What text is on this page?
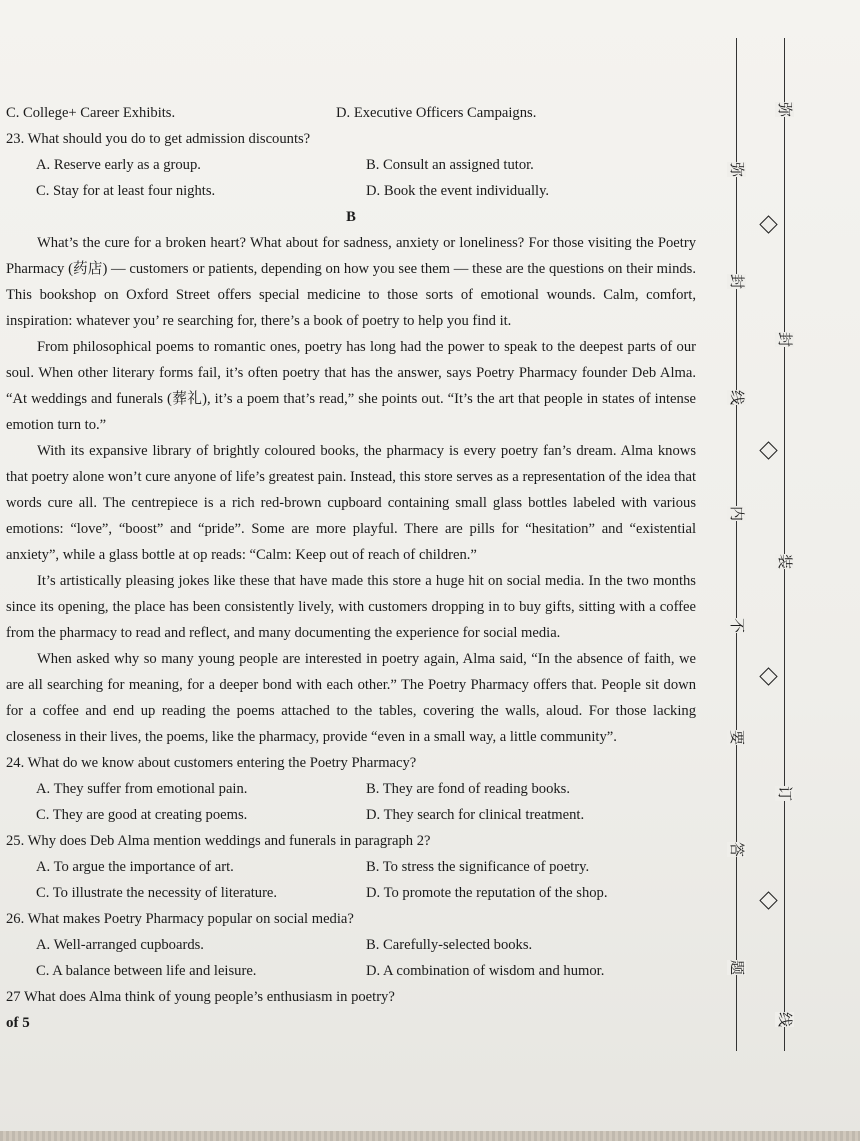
C. College+ Career Exhibits.	D. Executive Officers Campaigns.

23. What should you do to get admission discounts?

A. Reserve early as a group.	B. Consult an assigned tutor.
C. Stay for at least four nights.	D. Book the event individually.

B

What’s the cure for a broken heart? What about for sadness, anxiety or loneliness? For those visiting the Poetry Pharmacy (药店) — customers or patients, depending on how you see them — these are the questions on their minds. This bookshop on Oxford Street offers special medicine to those sorts of emotional wounds. Calm, comfort, inspiration: whatever you’ re searching for, there’s a book of poetry to help you find it.

From philosophical poems to romantic ones, poetry has long had the power to speak to the deepest parts of our soul. When other literary forms fail, it’s often poetry that has the answer, says Poetry Pharmacy founder Deb Alma. “At weddings and funerals (葬礼), it’s a poem that’s read,” she points out. “It’s the art that people in states of intense emotion turn to.”

With its expansive library of brightly coloured books, the pharmacy is every poetry fan’s dream. Alma knows that poetry alone won’t cure anyone of life’s greatest pain. Instead, this store serves as a representation of the idea that words cure all. The centrepiece is a rich red-brown cupboard containing small glass bottles labeled with various emotions: “love”, “boost” and “pride”. Some are more playful. There are pills for “hesitation” and “existential anxiety”, while a glass bottle at op reads: “Calm: Keep out of reach of children.”

It’s artistically pleasing jokes like these that have made this store a huge hit on social media. In the two months since its opening, the place has been consistently lively, with customers dropping in to buy gifts, sitting with a coffee from the pharmacy to read and reflect, and many documenting the experience for social media.

When asked why so many young people are interested in poetry again, Alma said, “In the absence of faith, we are all searching for meaning, for a deeper bond with each other.” The Poetry Pharmacy offers that. People sit down for a coffee and end up reading the poems attached to the tables, covering the walls, aloud. For those lacking closeness in their lives, the poems, like the pharmacy, provide “even in a small way, a little community”.

24. What do we know about customers entering the Poetry Pharmacy?

A. They suffer from emotional pain.	B. They are fond of reading books.
C. They are good at creating poems.	D. They search for clinical treatment.

25. Why does Deb Alma mention weddings and funerals in paragraph 2?

A. To argue the importance of art.	B. To stress the significance of poetry.
C. To illustrate the necessity of literature.	D. To promote the reputation of the shop.

26. What makes Poetry Pharmacy popular on social media?

A. Well-arranged cupboards.	B. Carefully-selected books.
C. A balance between life and leisure.	D. A combination of wisdom and humor.

27 What does Alma think of young people’s enthusiasm in poetry?

of 5
弥
封
线
内
不
要
答
题
弥
封
装
订
线
